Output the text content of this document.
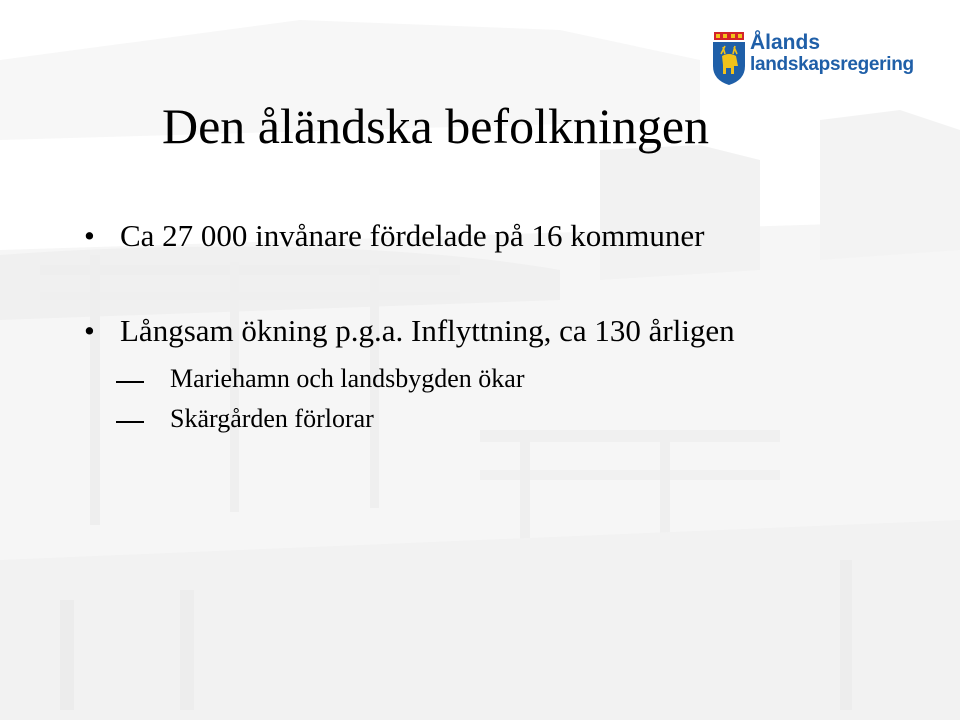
Ålands
landskapsregering
Den åländska befolkningen
• Ca 27 000 invånare fördelade på 16 kommuner
• Långsam ökning p.g.a. Inflyttning, ca 130 årligen
Mariehamn och landsbygden ökar
Skärgården förlorar
